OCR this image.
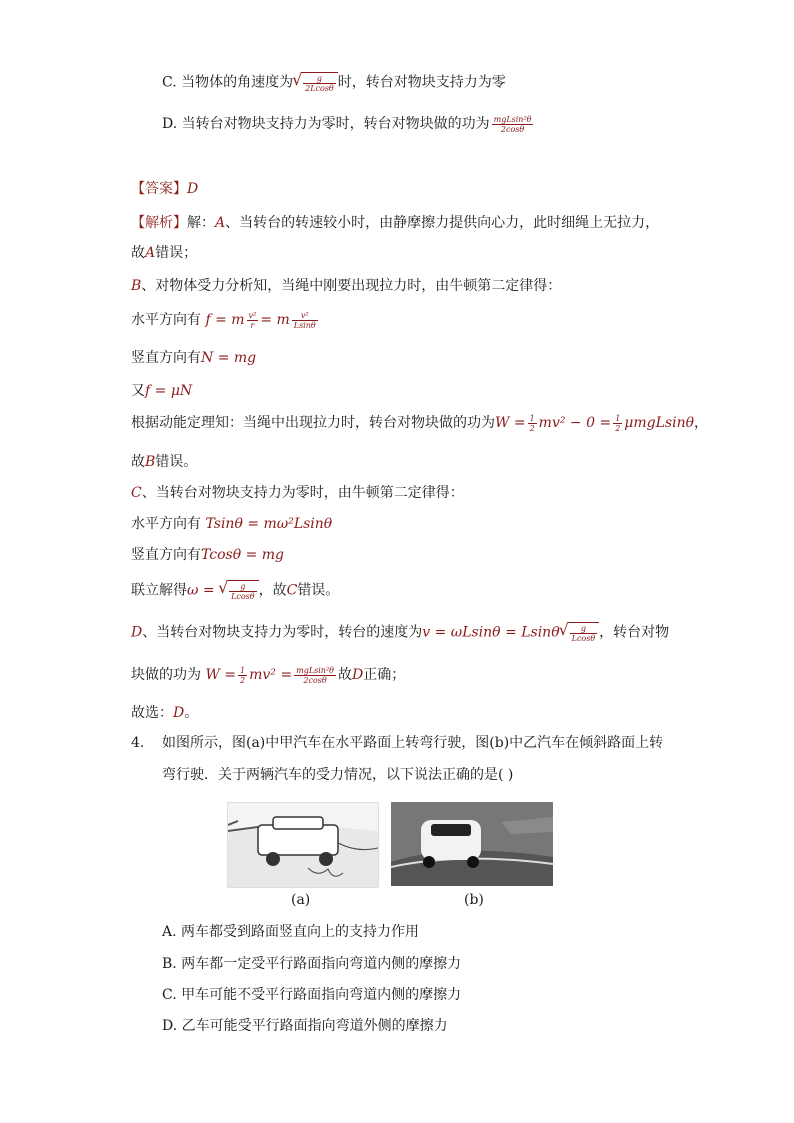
C. 当物体的角速度为 √ $\frac{g}{2Lcos\theta}$ 时，转台对物块支持力为零
D. 当转台对物块支持力为零时，转台对物块做的功为 $\frac{\text{mgLsin²θ}}{2\cos\theta}$
【答案】D
【解析】解：A、当转台的转速较小时，由静摩擦力提供向心力，此时细绳上无拉力，
故A错误；
B、对物体受力分析知，当绳中刚要出现拉力时，由牛顿第二定律得：
水平方向有 f = m $\frac{\text{v²}}{r} = m \frac{\text{v²}}{Lsin\theta}$
竖直方向有N = mg
又f = μN
根据动能定理知：当绳中出现拉力时，转台对物块做的功为$W = \frac{1}{2} mv^2 - 0 = \frac{1}{2}$ μmgLsinθ，
故B错误。
C、当转台对物块支持力为零时，由牛顿第二定律得：
水平方向有 Tsinθ = mω²Lsinθ
竖直方向有Tcosθ = mg
联立解得ω = √ $\frac{g}{Lcos\theta}$ ，故C错误。
D、当转台对物块支持力为零时，转台的速度为v = ωLsinθ = Lsinθ √ $\frac{g}{Lcos\theta}$ ，转台对物
块做的功为 $W = \frac{1}{2} mv^2 = \frac{\text{mgLsin²θ}}{2\cos\theta}$ 故D正确；
故选：D。
4. 如图所示，图(a)中甲汽车在水平路面上转弯行驶，图(b)中乙汽车在倾斜路面上转
弯行驶．关于两辆汽车的受力情况，以下说法正确的是( )
(a)	(b)
A. 两车都受到路面竖直向上的支持力作用
B. 两车都一定受平行路面指向弯道内侧的摩擦力
C. 甲车可能不受平行路面指向弯道内侧的摩擦力
D. 乙车可能受平行路面指向弯道外侧的摩擦力
